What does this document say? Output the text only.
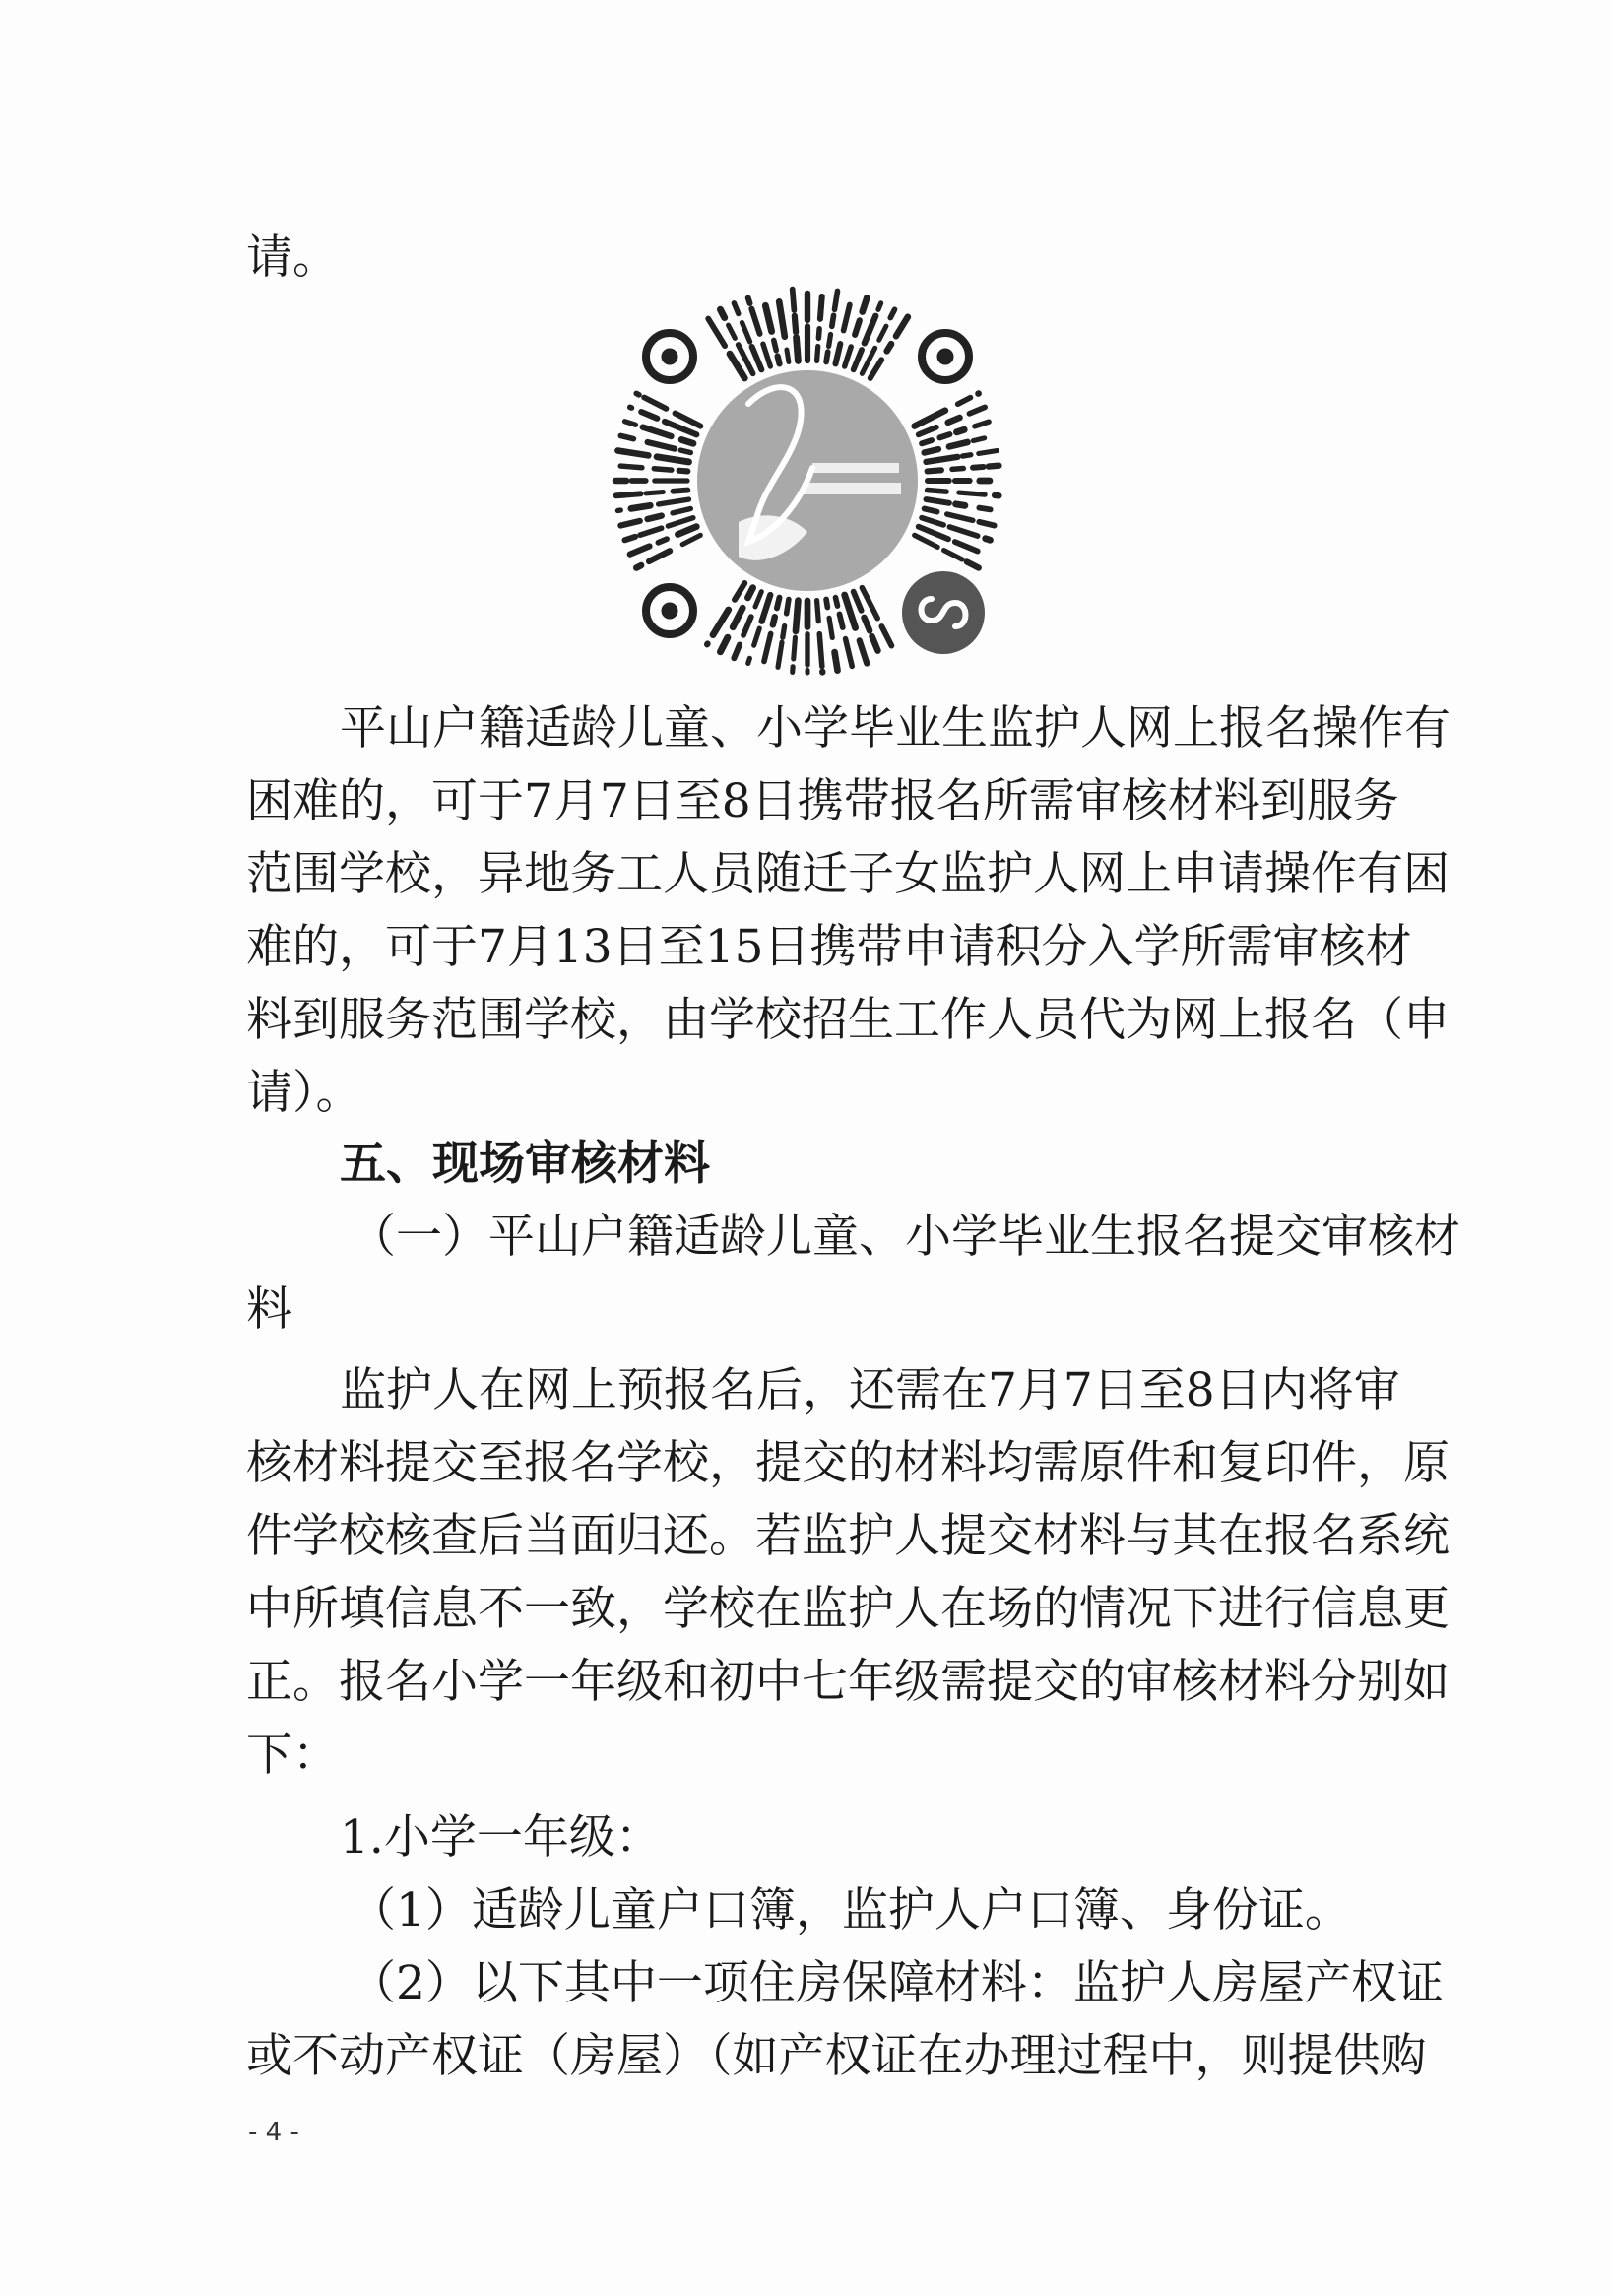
请。
平山户籍适龄儿童、小学毕业生监护人网上报名操作有
困难的，可于7月7日至8日携带报名所需审核材料到服务
范围学校，异地务工人员随迁子女监护人网上申请操作有困
难的，可于7月13日至15日携带申请积分入学所需审核材
料到服务范围学校，由学校招生工作人员代为网上报名（申
请）。
五、现场审核材料
（一）平山户籍适龄儿童、小学毕业生报名提交审核材
料
监护人在网上预报名后，还需在7月7日至8日内将审
核材料提交至报名学校，提交的材料均需原件和复印件，原
件学校核查后当面归还。若监护人提交材料与其在报名系统
中所填信息不一致，学校在监护人在场的情况下进行信息更
正。报名小学一年级和初中七年级需提交的审核材料分别如
下：
1.小学一年级：
（1）适龄儿童户口簿，监护人户口簿、身份证。
（2）以下其中一项住房保障材料：监护人房屋产权证
或不动产权证（房屋）（如产权证在办理过程中，则提供购
- 4 -
